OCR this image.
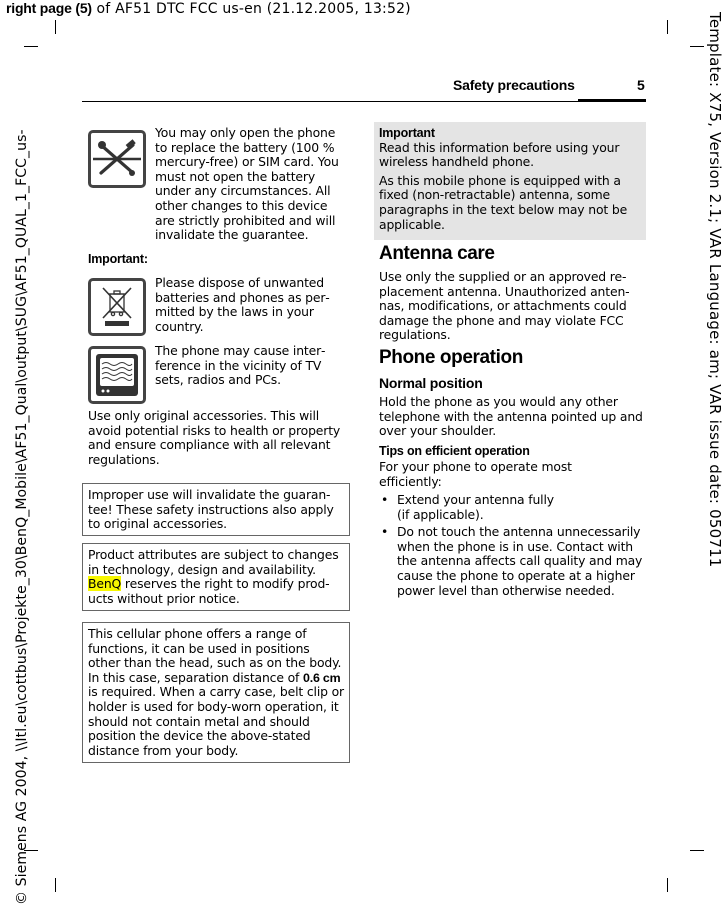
right page (5) of AF51 DTC FCC us-en (21.12.2005, 13:52)
© Siemens AG 2004, \\Itl.eu\cottbus\Projekte_30\BenQ_Mobile\AF51_Qual\output\SUG\AF51_QUAL_1_FCC_us-	Template: X75, Version 2.1; VAR Language: am; VAR issue date: 050711
Safety precautions	5
You may only open the phone to replace the battery (100 % mercury-free) or SIM card. You must not open the battery under any circumstances. All other changes to this device are strictly prohibited and will invalidate the guarantee.
Important:
Please dispose of unwanted batteries and phones as permitted by the laws in your country.
The phone may cause interference in the vicinity of TV sets, radios and PCs.
Use only original accessories. This will avoid potential risks to health or property and ensure compliance with all relevant regulations.
Improper use will invalidate the guarantee! These safety instructions also apply to original accessories.
Product attributes are subject to changes in technology, design and availability. BenQ reserves the right to modify products without prior notice.
This cellular phone offers a range of functions, it can be used in positions other than the head, such as on the body. In this case, separation distance of 0.6 cm is required. When a carry case, belt clip or holder is used for body-worn operation, it should not contain metal and should position the device the above-stated distance from your body.
Important
Read this information before using your wireless handheld phone.
As this mobile phone is equipped with a fixed (non-retractable) antenna, some paragraphs in the text below may not be applicable.
Antenna care
Use only the supplied or an approved replacement antenna. Unauthorized antennas, modifications, or attachments could damage the phone and may violate FCC regulations.
Phone operation
Normal position
Hold the phone as you would any other telephone with the antenna pointed up and over your shoulder.
Tips on efficient operation
For your phone to operate most efficiently:
• Extend your antenna fully
(if applicable).
• Do not touch the antenna unnecessarily when the phone is in use. Contact with the antenna affects call quality and may cause the phone to operate at a higher power level than otherwise needed.
